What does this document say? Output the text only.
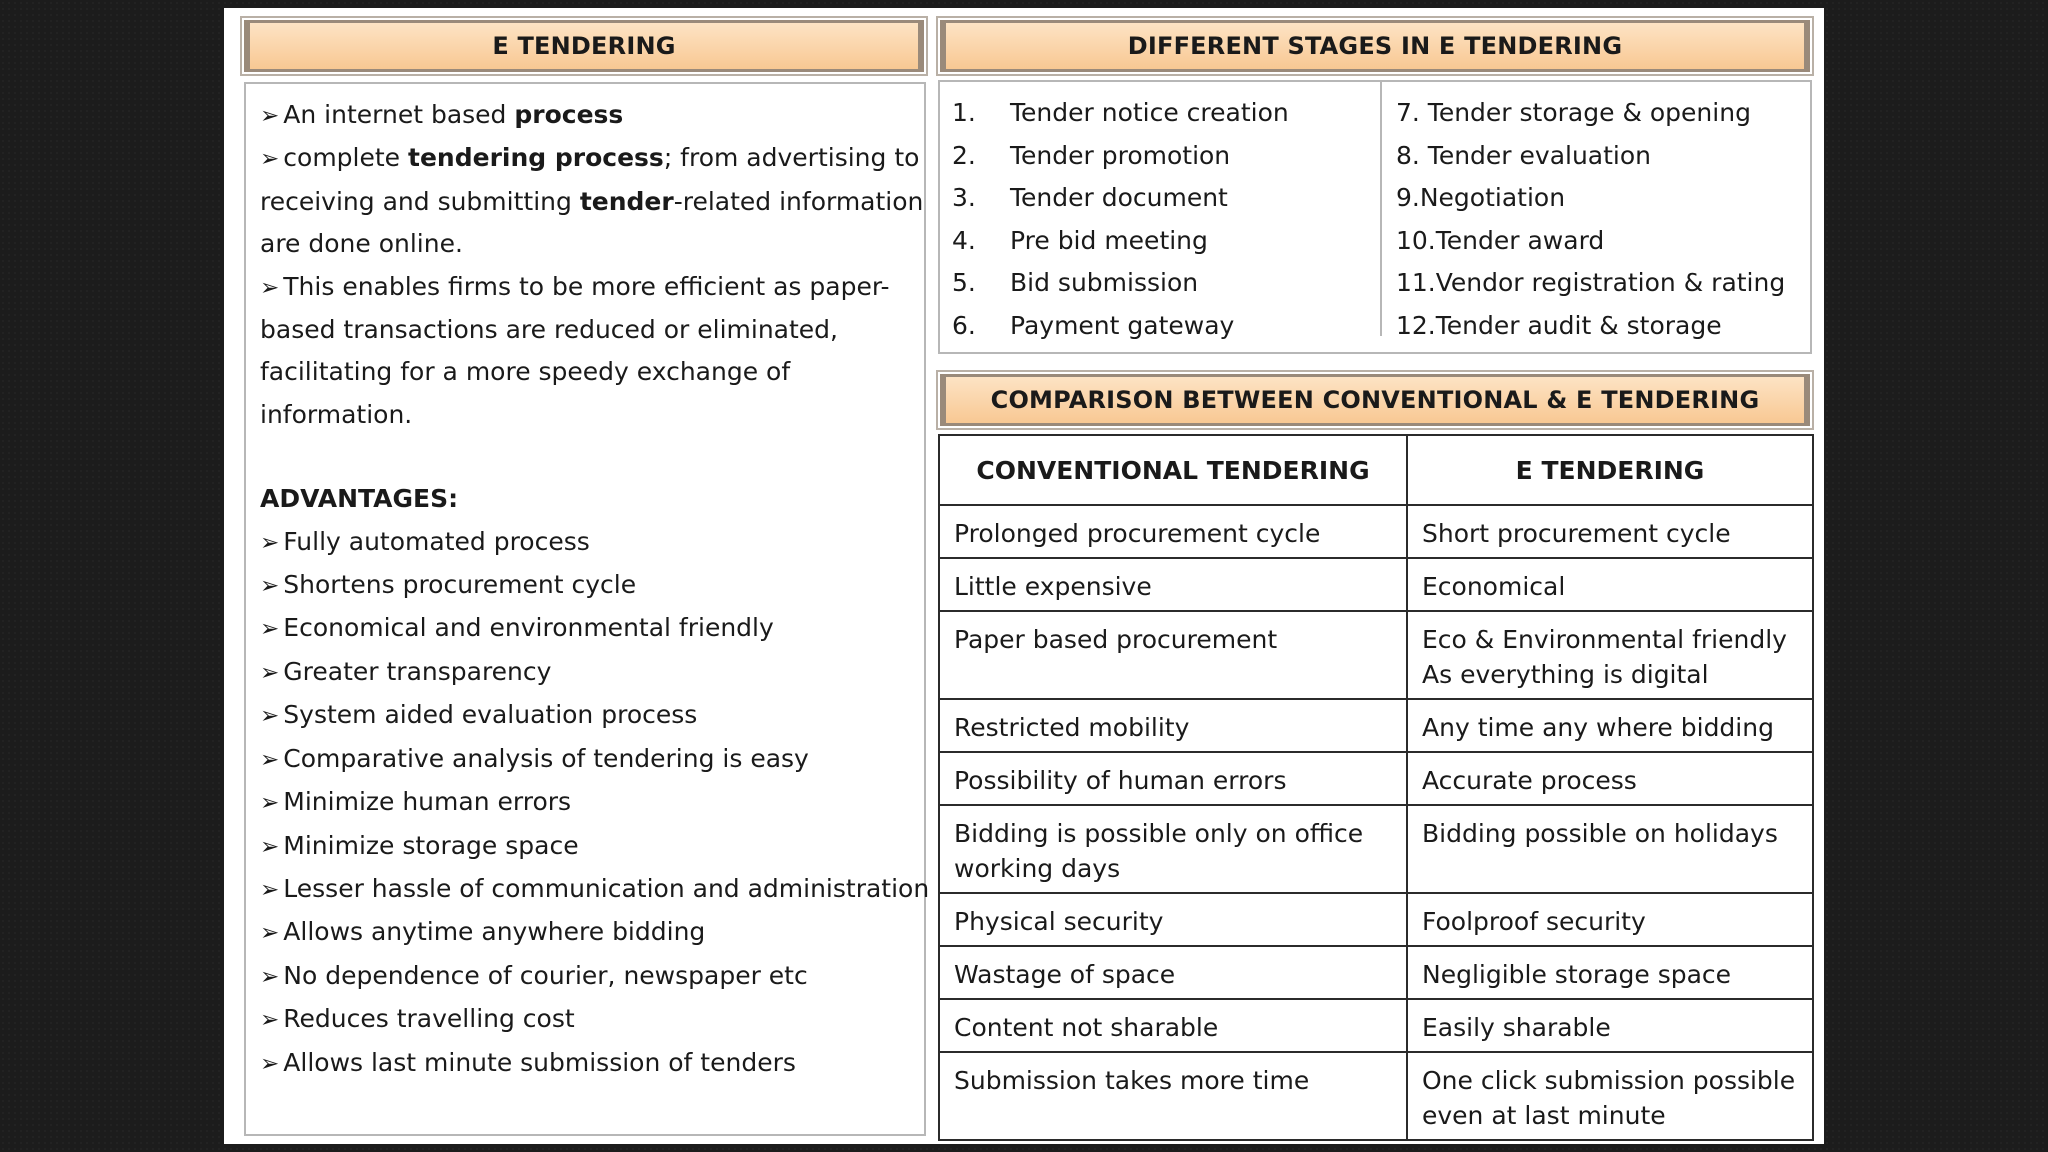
E TENDERING
➢ An internet based process
➢ complete tendering process; from advertising to
receiving and submitting tender-related information
are done online.
➢ This enables firms to be more efficient as paper-
based transactions are reduced or eliminated,
facilitating for a more speedy exchange of
information.
ADVANTAGES:
➢ Fully automated process
➢ Shortens procurement cycle
➢ Economical and environmental friendly
➢ Greater transparency
➢ System aided evaluation process
➢ Comparative analysis of tendering is easy
➢ Minimize human errors
➢ Minimize storage space
➢ Lesser hassle of communication and administration
➢ Allows anytime anywhere bidding
➢ No dependence of courier, newspaper etc
➢ Reduces travelling cost
➢ Allows last minute submission of tenders
DIFFERENT STAGES IN E TENDERING
1. Tender notice creation
2. Tender promotion
3. Tender document
4. Pre bid meeting
5. Bid submission
6. Payment gateway
7. Tender storage & opening
8. Tender evaluation
9.Negotiation
10.Tender award
11.Vendor registration & rating
12.Tender audit & storage
COMPARISON BETWEEN CONVENTIONAL & E TENDERING
CONVENTIONAL TENDERING	E TENDERING
Prolonged procurement cycle	Short procurement cycle
Little expensive	Economical
Paper based procurement	Eco & Environmental friendly
As everything is digital
Restricted mobility	Any time any where bidding
Possibility of human errors	Accurate process
Bidding is possible only on office
working days	Bidding possible on holidays
Physical security	Foolproof security
Wastage of space	Negligible storage space
Content not sharable	Easily sharable
Submission takes more time	One click submission possible
even at last minute
